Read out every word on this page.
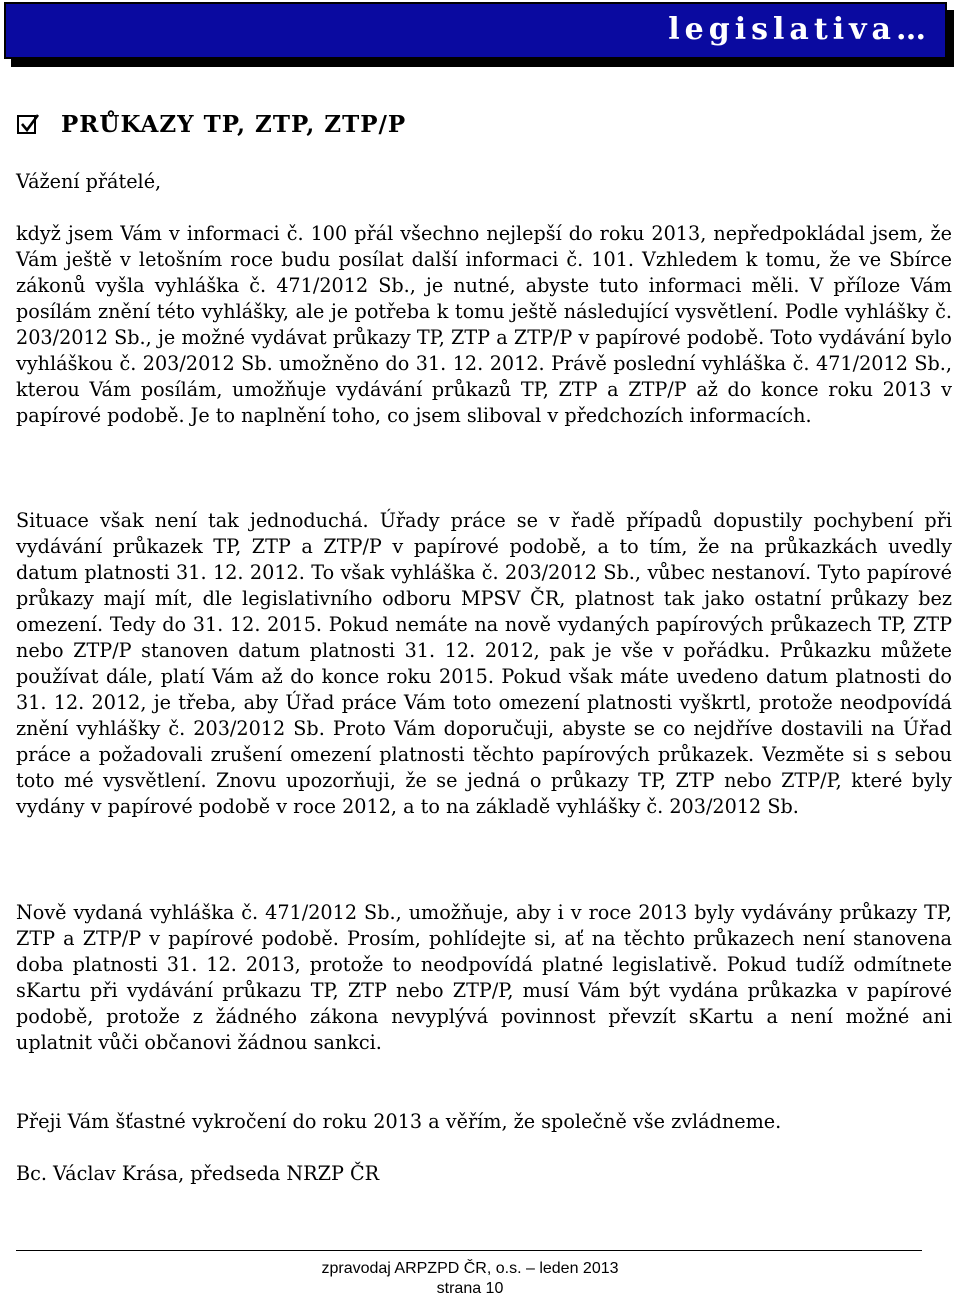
legislativa…
PRŮKAZY TP, ZTP, ZTP/P

Vážení přátelé,

když jsem Vám v informaci č. 100 přál všechno nejlepší do roku 2013, nepředpokládal jsem, že Vám ještě v letošním roce budu posílat další informaci č. 101. Vzhledem k tomu, že ve Sbírce zákonů vyšla vyhláška č. 471/2012 Sb., je nutné, abyste tuto informaci měli. V příloze Vám posílám znění této vyhlášky, ale je potřeba k tomu ještě následující vysvětlení. Podle vyhlášky č. 203/2012 Sb., je možné vydávat průkazy TP, ZTP a ZTP/P v papírové podobě. Toto vydávání bylo vyhláškou č. 203/2012 Sb. umožněno do 31. 12. 2012. Právě poslední vyhláška č. 471/2012 Sb., kterou Vám posílám, umožňuje vydávání průkazů TP, ZTP a ZTP/P až do konce roku 2013 v papírové podobě. Je to naplnění toho, co jsem sliboval v předchozích informacích.

Situace však není tak jednoduchá. Úřady práce se v řadě případů dopustily pochybení při vydávání průkazek TP, ZTP a ZTP/P v papírové podobě, a to tím, že na průkazkách uvedly datum platnosti 31. 12. 2012. To však vyhláška č. 203/2012 Sb., vůbec nestanoví. Tyto papírové průkazy mají mít, dle legislativního odboru MPSV ČR, platnost tak jako ostatní průkazy bez omezení. Tedy do 31. 12. 2015. Pokud nemáte na nově vydaných papírových průkazech TP, ZTP nebo ZTP/P stanoven datum platnosti 31. 12. 2012, pak je vše v pořádku. Průkazku můžete používat dále, platí Vám až do konce roku 2015. Pokud však máte uvedeno datum platnosti do 31. 12. 2012, je třeba, aby Úřad práce Vám toto omezení platnosti vyškrtl, protože neodpovídá znění vyhlášky č. 203/2012 Sb. Proto Vám doporučuji, abyste se co nejdříve dostavili na Úřad práce a požadovali zrušení omezení platnosti těchto papírových průkazek. Vezměte si s sebou toto mé vysvětlení. Znovu upozorňuji, že se jedná o průkazy TP, ZTP nebo ZTP/P, které byly vydány v papírové podobě v roce 2012, a to na základě vyhlášky č. 203/2012 Sb.

Nově vydaná vyhláška č. 471/2012 Sb., umožňuje, aby i v roce 2013 byly vydávány průkazy TP, ZTP a ZTP/P v papírové podobě. Prosím, pohlídejte si, ať na těchto průkazech není stanovena doba platnosti 31. 12. 2013, protože to neodpovídá platné legislativě. Pokud tudíž odmítnete sKartu při vydávání průkazu TP, ZTP nebo ZTP/P, musí Vám být vydána průkazka v papírové podobě, protože z žádného zákona nevyplývá povinnost převzít sKartu a není možné ani uplatnit vůči občanovi žádnou sankci.

Přeji Vám šťastné vykročení do roku 2013 a věřím, že společně vše zvládneme.

Bc. Václav Krása, předseda NRZP ČR

zpravodaj ARPZPD ČR, o.s. – leden 2013
strana 10
